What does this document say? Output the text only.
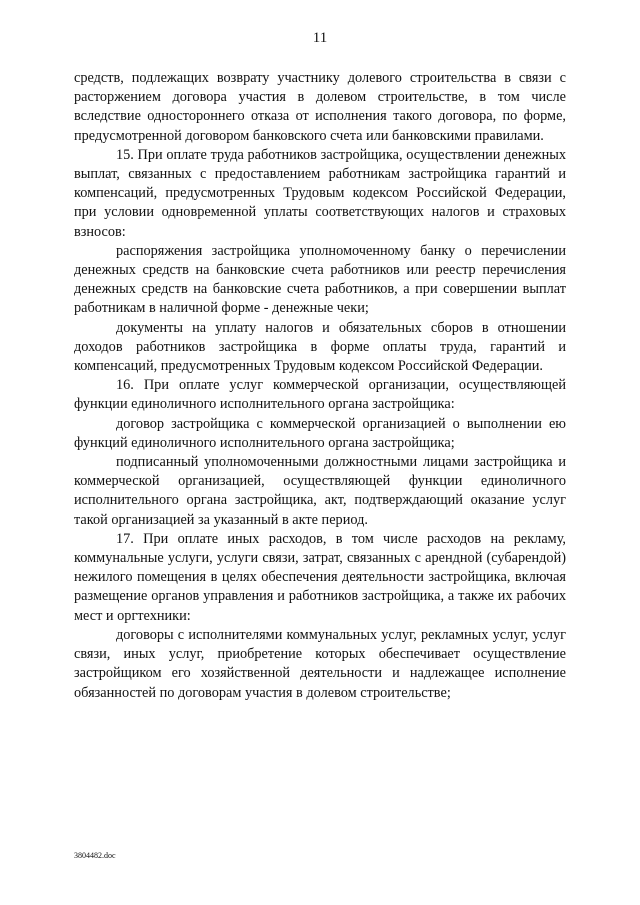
11

средств, подлежащих возврату участнику долевого строительства в связи с расторжением договора участия в долевом строительстве, в том числе вследствие одностороннего отказа от исполнения такого договора, по форме, предусмотренной договором банковского счета или банковскими правилами.

15. При оплате труда работников застройщика, осуществлении денежных выплат, связанных с предоставлением работникам застройщика гарантий и компенсаций, предусмотренных Трудовым кодексом Российской Федерации, при условии одновременной уплаты соответствующих налогов и страховых взносов:

распоряжения застройщика уполномоченному банку о перечислении денежных средств на банковские счета работников или реестр перечисления денежных средств на банковские счета работников, а при совершении выплат работникам в наличной форме - денежные чеки;

документы на уплату налогов и обязательных сборов в отношении доходов работников застройщика в форме оплаты труда, гарантий и компенсаций, предусмотренных Трудовым кодексом Российской Федерации.

16. При оплате услуг коммерческой организации, осуществляющей функции единоличного исполнительного органа застройщика:

договор застройщика с коммерческой организацией о выполнении ею функций единоличного исполнительного органа застройщика;

подписанный уполномоченными должностными лицами застройщика и коммерческой организацией, осуществляющей функции единоличного исполнительного органа застройщика, акт, подтверждающий оказание услуг такой организацией за указанный в акте период.

17. При оплате иных расходов, в том числе расходов на рекламу, коммунальные услуги, услуги связи, затрат, связанных с арендной (субарендой) нежилого помещения в целях обеспечения деятельности застройщика, включая размещение органов управления и работников застройщика, а также их рабочих мест и оргтехники:

договоры с исполнителями коммунальных услуг, рекламных услуг, услуг связи, иных услуг, приобретение которых обеспечивает осуществление застройщиком его хозяйственной деятельности и надлежащее исполнение обязанностей по договорам участия в долевом строительстве;

3804482.doc
